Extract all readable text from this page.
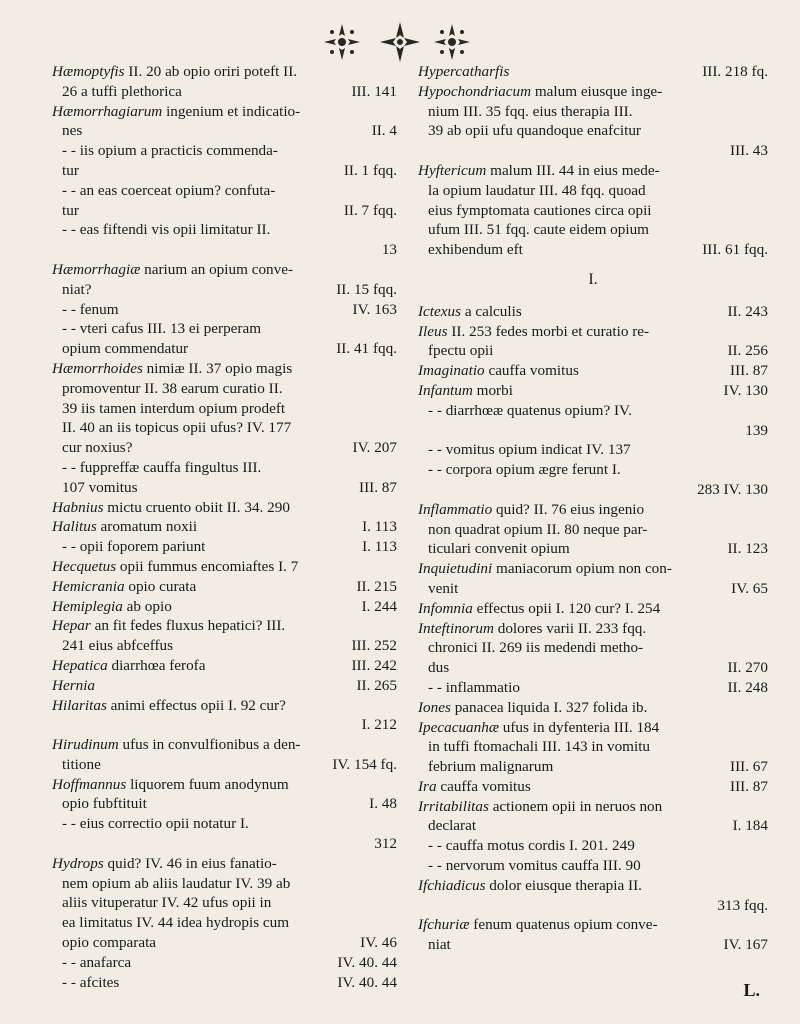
Hæmoptyfis II. 20 ab opio oriri poteft II.
26 a tuffi plethorica	III. 141
Hæmorrhagiarum ingenium et indicatio-
nes	II. 4
- - iis opium a practicis commenda-
tur	II. 1 fqq.
- - an eas coerceat opium? confuta-
tur	II. 7 fqq.
- - eas fiftendi vis opii limitatur II.
13
Hæmorrhagiæ narium an opium conve-
niat?	II. 15 fqq.
- - fenum	IV. 163
- - vteri cafus III. 13 ei perperam
opium commendatur	II. 41 fqq.
Hæmorrhoides nimiæ II. 37 opio magis
promoventur II. 38 earum curatio II.
39 iis tamen interdum opium prodeft
II. 40 an iis topicus opii ufus? IV. 177
cur noxius?	IV. 207
- - fuppreffæ cauffa fingultus III.
107 vomitus	III. 87
Habnius mictu cruento obiit II. 34. 290
Halitus aromatum noxii	I. 113
- - opii foporem pariunt	I. 113
Hecquetus opii fummus encomiaftes I. 7
Hemicrania opio curata	II. 215
Hemiplegia ab opio	I. 244
Hepar an fit fedes fluxus hepatici? III.
241 eius abfceffus	III. 252
Hepatica diarrhœa ferofa	III. 242
Hernia	II. 265
Hilaritas animi effectus opii I. 92 cur?
I. 212
Hirudinum ufus in convulfionibus a den-
titione	IV. 154 fq.
Hoffmannus liquorem fuum anodynum
opio fubftituit	I. 48
- - eius correctio opii notatur I.
312
Hydrops quid? IV. 46 in eius fanatio-
nem opium ab aliis laudatur IV. 39 ab
aliis vituperatur IV. 42 ufus opii in
ea limitatus IV. 44 idea hydropis cum
opio comparata	IV. 46
- - anafarca	IV. 40. 44
- - afcites	IV. 40. 44
Hypercatharfis	III. 218 fq.
Hypochondriacum malum eiusque inge-
nium III. 35 fqq. eius therapia III.
39 ab opii ufu quandoque enafcitur
III. 43
Hyftericum malum III. 44 in eius mede-
la opium laudatur III. 48 fqq. quoad
eius fymptomata cautiones circa opii
ufum III. 51 fqq. caute eidem opium
exhibendum eft	III. 61 fqq.
I.
Ictexus a calculis	II. 243
Ileus II. 253 fedes morbi et curatio re-
fpectu opii	II. 256
Imaginatio cauffa vomitus	III. 87
Infantum morbi	IV. 130
- - diarrhœæ quatenus opium? IV.
139
- - vomitus opium indicat IV. 137
- - corpora opium ægre ferunt I.
283 IV. 130
Inflammatio quid? II. 76 eius ingenio
non quadrat opium II. 80 neque par-
ticulari convenit opium	II. 123
Inquietudini maniacorum opium non con-
venit	IV. 65
Infomnia effectus opii I. 120 cur? I. 254
Inteftinorum dolores varii II. 233 fqq.
chronici II. 269 iis medendi metho-
dus	II. 270
- - inflammatio	II. 248
Iones panacea liquida I. 327 folida ib.
Ipecacuanhæ ufus in dyfenteria III. 184
in tuffi ftomachali III. 143 in vomitu
febrium malignarum	III. 67
Ira cauffa vomitus	III. 87
Irritabilitas actionem opii in neruos non
declarat	I. 184
- - cauffa motus cordis I. 201. 249
- - nervorum vomitus cauffa III. 90
Ifchiadicus dolor eiusque therapia II.
313 fqq.
Ifchuriæ fenum quatenus opium conve-
niat	IV. 167
L.
